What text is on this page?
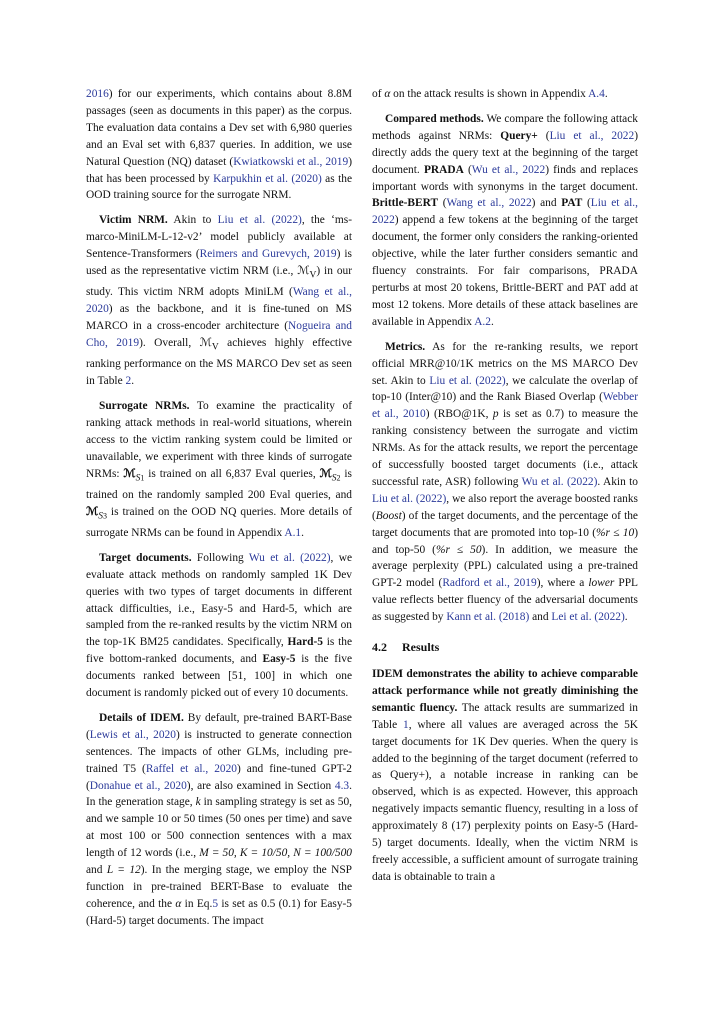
2016) for our experiments, which contains about 8.8M passages (seen as documents in this paper) as the corpus. The evaluation data contains a Dev set with 6,980 queries and an Eval set with 6,837 queries. In addition, we use Natural Question (NQ) dataset (Kwiatkowski et al., 2019) that has been processed by Karpukhin et al. (2020) as the OOD training source for the surrogate NRM.

Victim NRM. Akin to Liu et al. (2022), the ‘ms-marco-MiniLM-L-12-v2’ model publicly available at Sentence-Transformers (Reimers and Gurevych, 2019) is used as the representative victim NRM (i.e., ℳ$_V$) in our study. This victim NRM adopts MiniLM (Wang et al., 2020) as the backbone, and it is fine-tuned on MS MARCO in a cross-encoder architecture (Nogueira and Cho, 2019). Overall, ℳ$_V$ achieves highly effective ranking performance on the MS MARCO Dev set as seen in Table 2.

Surrogate NRMs. To examine the practicality of ranking attack methods in real-world situations, wherein access to the victim ranking system could be limited or unavailable, we experiment with three kinds of surrogate NRMs: ℳ$_{S1}$ is trained on all 6,837 Eval queries, ℳ$_{S2}$ is trained on the randomly sampled 200 Eval queries, and ℳ$_{S3}$ is trained on the OOD NQ queries. More details of surrogate NRMs can be found in Appendix A.1.

Target documents. Following Wu et al. (2022), we evaluate attack methods on randomly sampled 1K Dev queries with two types of target documents in different attack difficulties, i.e., Easy-5 and Hard-5, which are sampled from the re-ranked results by the victim NRM on the top-1K BM25 candidates. Specifically, Hard-5 is the five bottom-ranked documents, and Easy-5 is the five documents ranked between [51, 100] in which one document is randomly picked out of every 10 documents.

Details of IDEM. By default, pre-trained BART-Base (Lewis et al., 2020) is instructed to generate connection sentences. The impacts of other GLMs, including pre-trained T5 (Raffel et al., 2020) and fine-tuned GPT-2 (Donahue et al., 2020), are also examined in Section 4.3. In the generation stage, k in sampling strategy is set as 50, and we sample 10 or 50 times (50 ones per time) and save at most 100 or 500 connection sentences with a max length of 12 words (i.e., M = 50, K = 10/50, N = 100/500 and L = 12). In the merging stage, we employ the NSP function in pre-trained BERT-Base to evaluate the coherence, and the α in Eq.5 is set as 0.5 (0.1) for Easy-5 (Hard-5) target documents. The impact

of α on the attack results is shown in Appendix A.4.

Compared methods. We compare the following attack methods against NRMs: Query+ (Liu et al., 2022) directly adds the query text at the beginning of the target document. PRADA (Wu et al., 2022) finds and replaces important words with synonyms in the target document. Brittle-BERT (Wang et al., 2022) and PAT (Liu et al., 2022) append a few tokens at the beginning of the target document, the former only considers the ranking-oriented objective, while the later further considers semantic and fluency constraints. For fair comparisons, PRADA perturbs at most 20 tokens, Brittle-BERT and PAT add at most 12 tokens. More details of these attack baselines are available in Appendix A.2.

Metrics. As for the re-ranking results, we report official MRR@10/1K metrics on the MS MARCO Dev set. Akin to Liu et al. (2022), we calculate the overlap of top-10 (Inter@10) and the Rank Biased Overlap (Webber et al., 2010) (RBO@1K, p is set as 0.7) to measure the ranking consistency between the surrogate and victim NRMs. As for the attack results, we report the percentage of successfully boosted target documents (i.e., attack successful rate, ASR) following Wu et al. (2022). Akin to Liu et al. (2022), we also report the average boosted ranks (Boost) of the target documents, and the percentage of the target documents that are promoted into top-10 (%r ≤ 10) and top-50 (%r ≤ 50). In addition, we measure the average perplexity (PPL) calculated using a pre-trained GPT-2 model (Radford et al., 2019), where a lower PPL value reflects better fluency of the adversarial documents as suggested by Kann et al. (2018) and Lei et al. (2022).

4.2 Results

IDEM demonstrates the ability to achieve comparable attack performance while not greatly diminishing the semantic fluency. The attack results are summarized in Table 1, where all values are averaged across the 5K target documents for 1K Dev queries. When the query is added to the beginning of the target document (referred to as Query+), a notable increase in ranking can be observed, which is as expected. However, this approach negatively impacts semantic fluency, resulting in a loss of approximately 8 (17) perplexity points on Easy-5 (Hard-5) target documents. Ideally, when the victim NRM is freely accessible, a sufficient amount of surrogate training data is obtainable to train a
